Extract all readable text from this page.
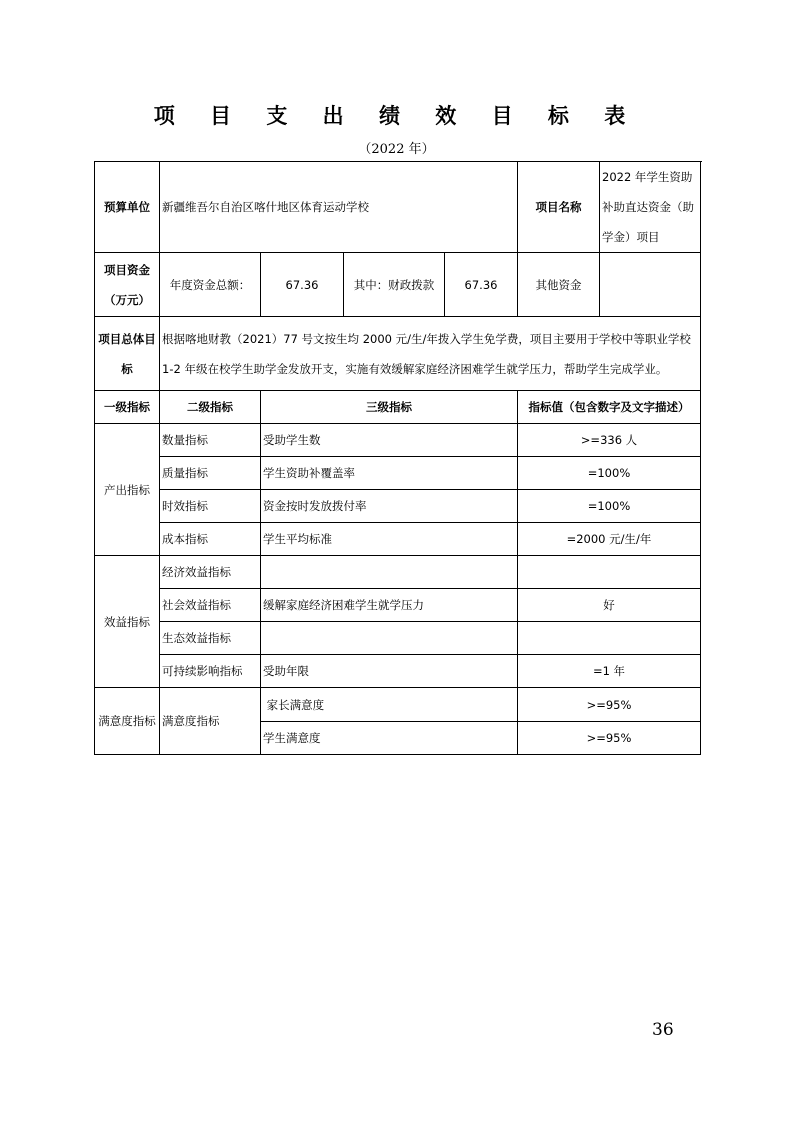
项 目 支 出 绩 效 目 标 表
（2022 年）
预算单位	新疆维吾尔自治区喀什地区体育运动学校				项目名称	2022 年学生资助补助直达资金（助学金）项目
项目资金（万元）	年度资金总额：	67.36	其中：财政拨款	67.36	其他资金	
项目总体目标	根据喀地财教（2021）77 号文按生均 2000 元/生/年拨入学生免学费，项目主要用于学校中等职业学校 1-2 年级在校学生助学金发放开支，实施有效缓解家庭经济困难学生就学压力，帮助学生完成学业。					
一级指标	二级指标	三级指标			指标值（包含数字及文字描述）	
产出指标	数量指标	受助学生数			>=336 人	
	质量指标	学生资助补覆盖率			=100%	
	时效指标	资金按时发放拨付率			=100%	
	成本指标	学生平均标准			=2000 元/生/年	
效益指标	经济效益指标					
	社会效益指标	缓解家庭经济困难学生就学压力			好	
	生态效益指标					
	可持续影响指标	受助年限			=1 年	
满意度指标	满意度指标	家长满意度			>=95%	
		学生满意度			>=95%	
36
